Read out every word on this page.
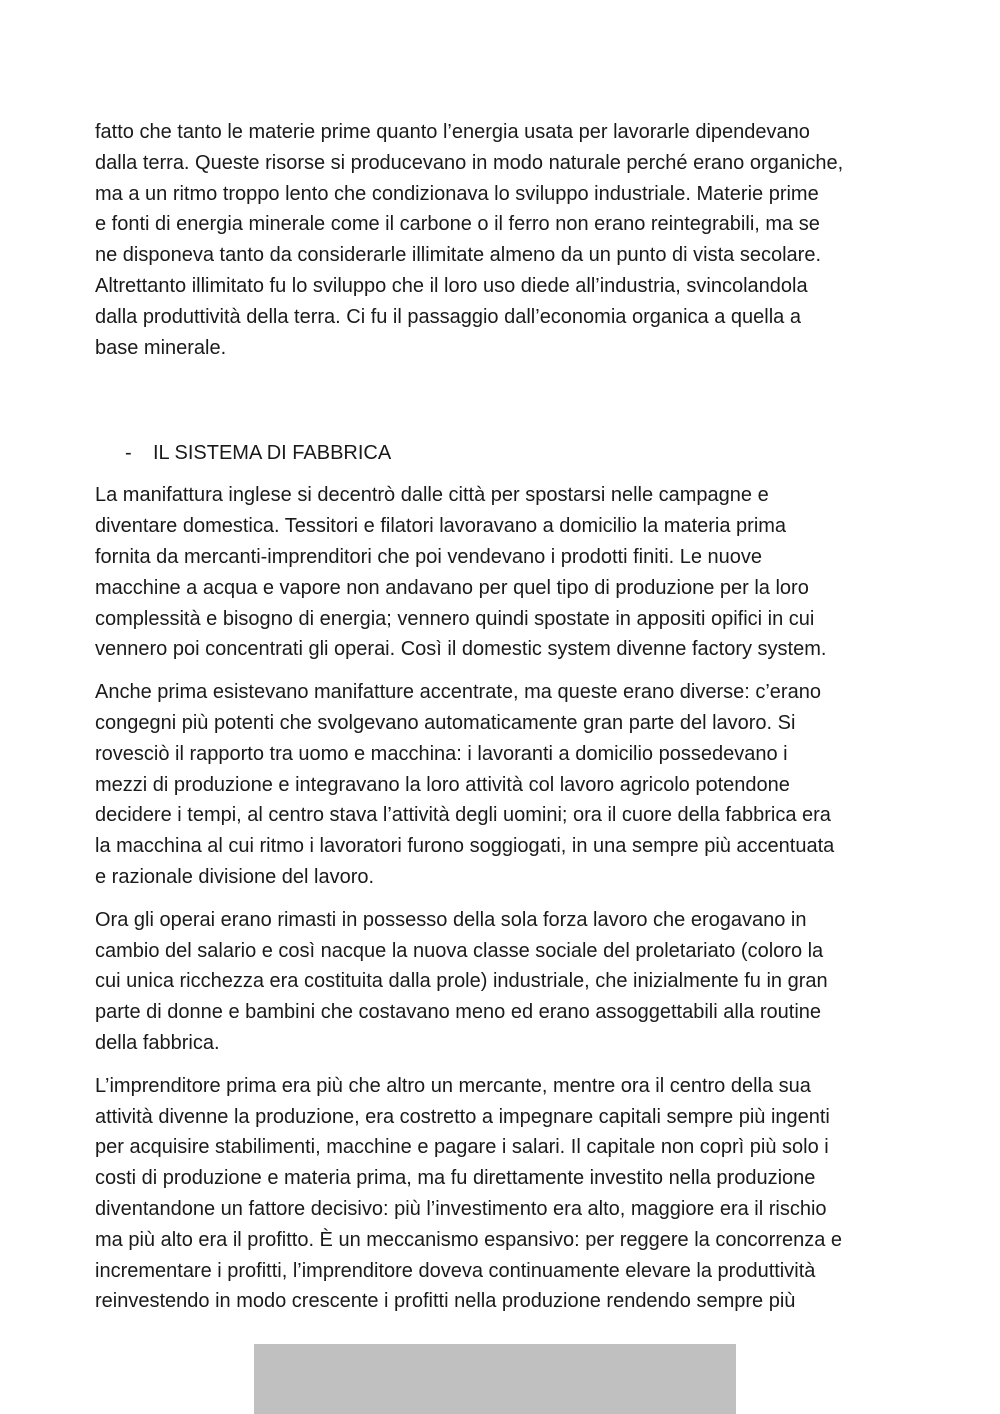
fatto che tanto le materie prime quanto l’energia usata per lavorarle dipendevano
dalla terra. Queste risorse si producevano in modo naturale perché erano organiche,
ma a un ritmo troppo lento che condizionava lo sviluppo industriale. Materie prime
e fonti di energia minerale come il carbone o il ferro non erano reintegrabili, ma se
ne disponeva tanto da considerarle illimitate almeno da un punto di vista secolare.
Altrettanto illimitato fu lo sviluppo che il loro uso diede all’industria, svincolandola
dalla produttività della terra. Ci fu il passaggio dall’economia organica a quella a
base minerale.

-	IL SISTEMA DI FABBRICA

La manifattura inglese si decentrò dalle città per spostarsi nelle campagne e
diventare domestica. Tessitori e filatori lavoravano a domicilio la materia prima
fornita da mercanti-imprenditori che poi vendevano i prodotti finiti. Le nuove
macchine a acqua e vapore non andavano per quel tipo di produzione per la loro
complessità e bisogno di energia; vennero quindi spostate in appositi opifici in cui
vennero poi concentrati gli operai. Così il domestic system divenne factory system.

Anche prima esistevano manifatture accentrate, ma queste erano diverse: c’erano
congegni più potenti che svolgevano automaticamente gran parte del lavoro. Si
rovesciò il rapporto tra uomo e macchina: i lavoranti a domicilio possedevano i
mezzi di produzione e integravano la loro attività col lavoro agricolo potendone
decidere i tempi, al centro stava l’attività degli uomini; ora il cuore della fabbrica era
la macchina al cui ritmo i lavoratori furono soggiogati, in una sempre più accentuata
e razionale divisione del lavoro.

Ora gli operai erano rimasti in possesso della sola forza lavoro che erogavano in
cambio del salario e così nacque la nuova classe sociale del proletariato (coloro la
cui unica ricchezza era costituita dalla prole) industriale, che inizialmente fu in gran
parte di donne e bambini che costavano meno ed erano assoggettabili alla routine
della fabbrica.

L’imprenditore prima era più che altro un mercante, mentre ora il centro della sua
attività divenne la produzione, era costretto a impegnare capitali sempre più ingenti
per acquisire stabilimenti, macchine e pagare i salari. Il capitale non coprì più solo i
costi di produzione e materia prima, ma fu direttamente investito nella produzione
diventandone un fattore decisivo: più l’investimento era alto, maggiore era il rischio
ma più alto era il profitto. È un meccanismo espansivo: per reggere la concorrenza e
incrementare i profitti, l’imprenditore doveva continuamente elevare la produttività
reinvestendo in modo crescente i profitti nella produzione rendendo sempre più
